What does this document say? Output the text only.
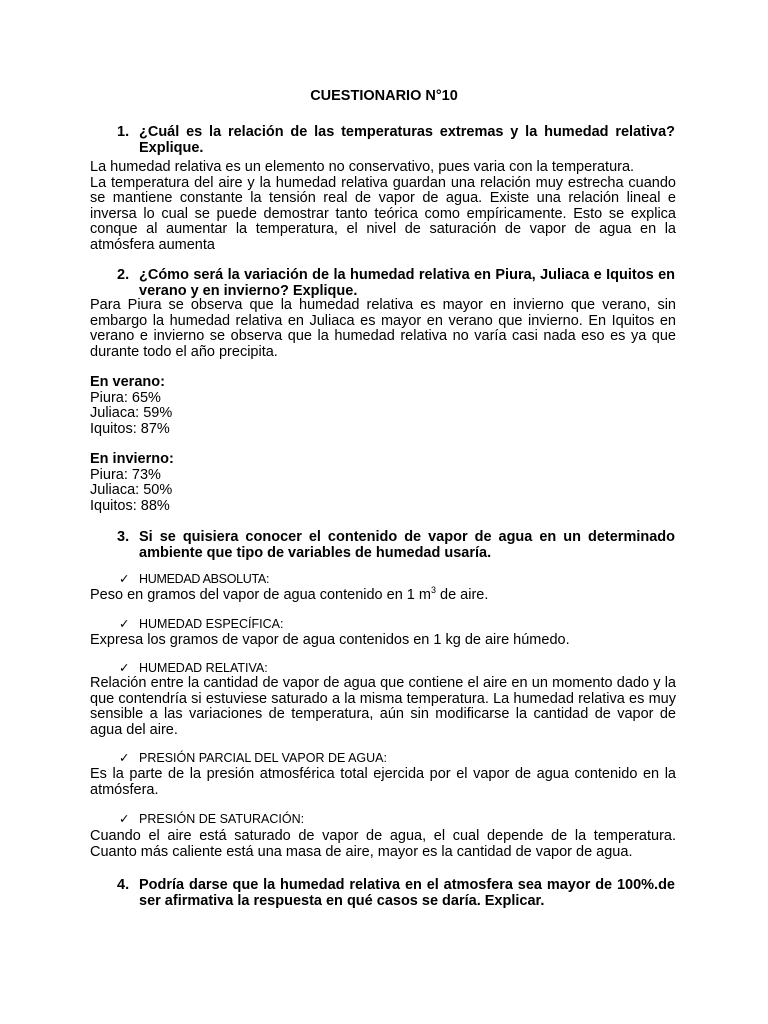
CUESTIONARIO N°10
1. ¿Cuál es la relación de las temperaturas extremas y la humedad relativa? Explique.

La humedad relativa es un elemento no conservativo, pues varia con la temperatura.

La temperatura del aire y la humedad relativa guardan una relación muy estrecha cuando se mantiene constante la tensión real de vapor de agua. Existe una relación lineal e inversa lo cual se puede demostrar tanto teórica como empíricamente. Esto se explica conque al aumentar la temperatura, el nivel de saturación de vapor de agua en la atmósfera aumenta

2. ¿Cómo será la variación de la humedad relativa en Piura, Juliaca e Iquitos en verano y en invierno? Explique.

Para Piura se observa que la humedad relativa es mayor en invierno que verano, sin embargo la humedad relativa en Juliaca es mayor en verano que invierno. En Iquitos en verano e invierno se observa que la humedad relativa no varía casi nada eso es ya que durante todo el año precipita.

En verano:

Piura: 65%

Juliaca: 59%

Iquitos: 87%

En invierno:

Piura: 73%

Juliaca: 50%

Iquitos: 88%

3. Si se quisiera conocer el contenido de vapor de agua en un determinado ambiente que tipo de variables de humedad usaría.
✓ HUMEDAD ABSOLUTA:

Peso en gramos del vapor de agua contenido en 1 $m^3$ de aire.

✓ HUMEDAD ESPECÍFICA:

Expresa los gramos de vapor de agua contenidos en 1 kg de aire húmedo.

✓ HUMEDAD RELATIVA:

Relación entre la cantidad de vapor de agua que contiene el aire en un momento dado y la que contendría si estuviese saturado a la misma temperatura. La humedad relativa es muy sensible a las variaciones de temperatura, aún sin modificarse la cantidad de vapor de agua del aire.

✓ PRESIÓN PARCIAL DEL VAPOR DE AGUA:

Es la parte de la presión atmosférica total ejercida por el vapor de agua contenido en la atmósfera.

✓ PRESIÓN DE SATURACIÓN:

Cuando el aire está saturado de vapor de agua, el cual depende de la temperatura. Cuanto más caliente está una masa de aire, mayor es la cantidad de vapor de agua.

4. Podría darse que la humedad relativa en el atmosfera sea mayor de 100%.de ser afirmativa la respuesta en qué casos se daría. Explicar.
